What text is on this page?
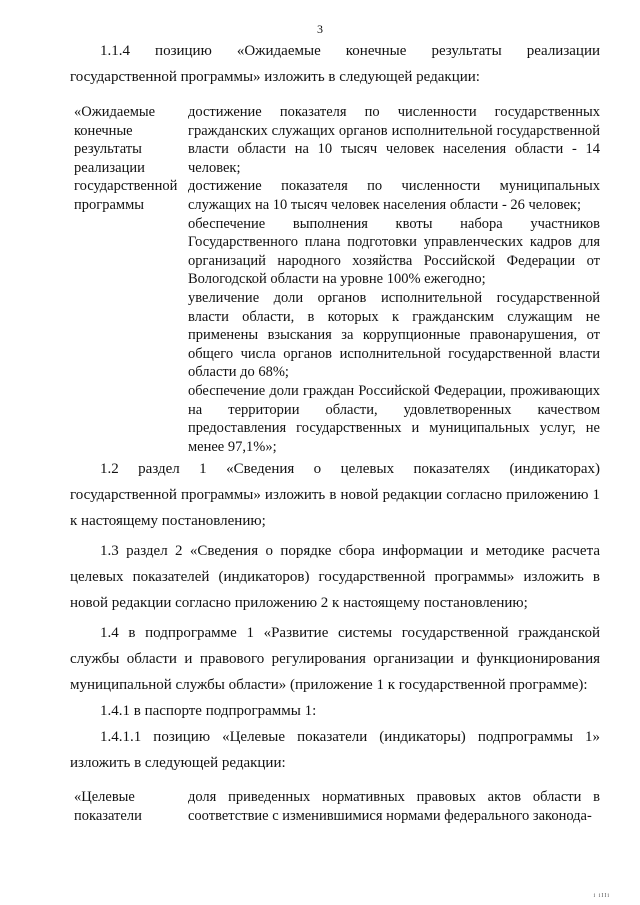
3

1.1.4 позицию «Ожидаемые конечные результаты реализации государственной программы» изложить в следующей редакции:

«Ожидаемые конечные результаты реализации государственной программы

достижение показателя по численности государственных гражданских служащих органов исполнительной государственной власти области на 10 тысяч человек населения области - 14 человек;

достижение показателя по численности муниципальных служащих на 10 тысяч человек населения области - 26 человек;

обеспечение выполнения квоты набора участников Государственного плана подготовки управленческих кадров для организаций народного хозяйства Российской Федерации от Вологодской области на уровне 100% ежегодно;

увеличение доли органов исполнительной государственной власти области, в которых к гражданским служащим не применены взыскания за коррупционные правонарушения, от общего числа органов исполнительной государственной власти области до 68%;

обеспечение доли граждан Российской Федерации, проживающих на территории области, удовлетворенных качеством предоставления государственных и муниципальных услуг, не менее 97,1%»;

1.2 раздел 1 «Сведения о целевых показателях (индикаторах) государственной программы» изложить в новой редакции согласно приложению 1 к настоящему постановлению;

1.3 раздел 2 «Сведения о порядке сбора информации и методике расчета целевых показателей (индикаторов) государственной программы» изложить в новой редакции согласно приложению 2 к настоящему постановлению;

1.4 в подпрограмме 1 «Развитие системы государственной гражданской службы области и правового регулирования организации и функционирования муниципальной службы области» (приложение 1 к государственной программе):

1.4.1 в паспорте подпрограммы 1:

1.4.1.1 позицию «Целевые показатели (индикаторы) подпрограммы 1» изложить в следующей редакции:

«Целевые показатели

доля приведенных нормативных правовых актов области в соответствие с изменившимися нормами федерального законода-

i iIIi
